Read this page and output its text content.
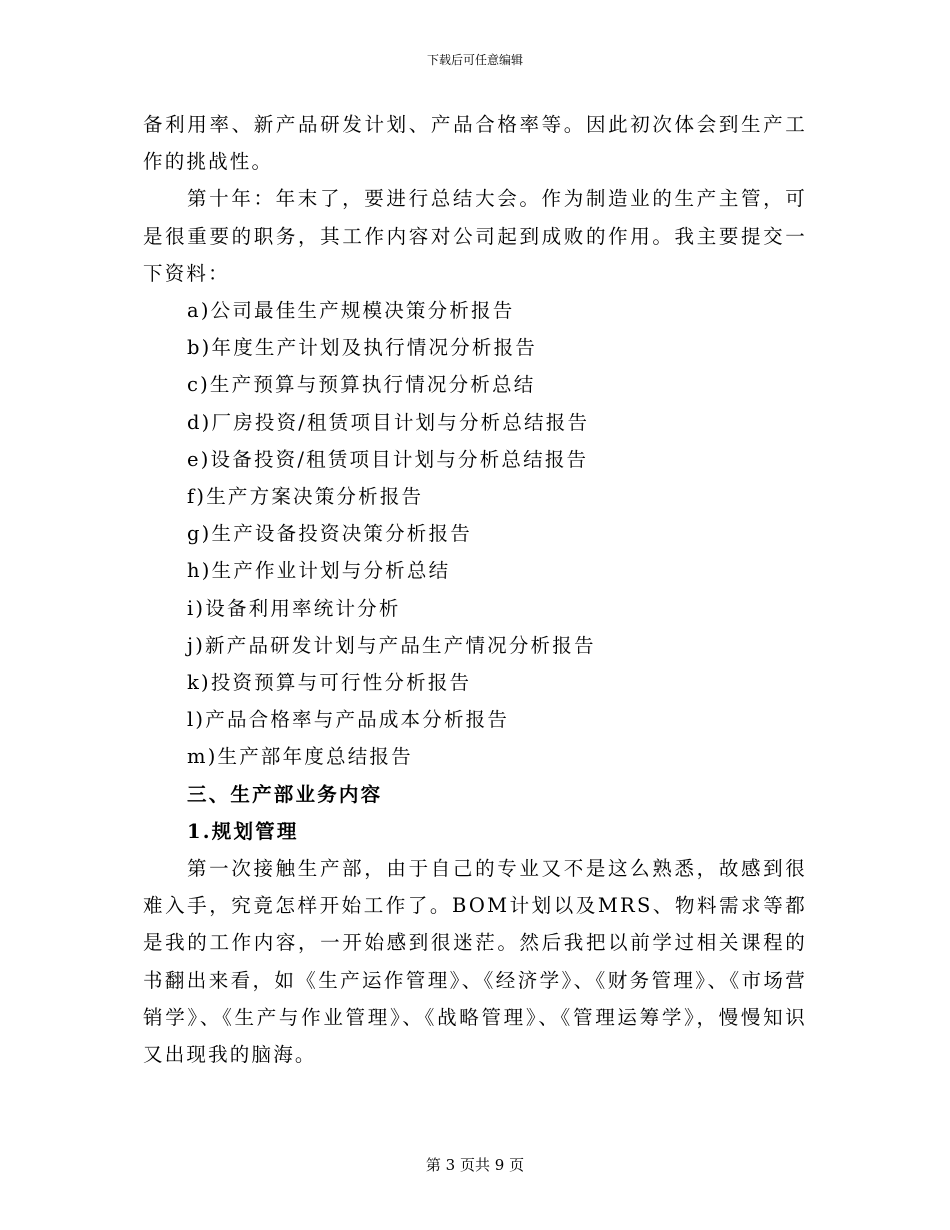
下载后可任意编辑

备利用率、新产品研发计划、产品合格率等。因此初次体会到生产工作的挑战性。

第十年：年末了，要进行总结大会。作为制造业的生产主管，可是很重要的职务，其工作内容对公司起到成败的作用。我主要提交一下资料：

a)公司最佳生产规模决策分析报告

b)年度生产计划及执行情况分析报告

c)生产预算与预算执行情况分析总结

d)厂房投资/租赁项目计划与分析总结报告

e)设备投资/租赁项目计划与分析总结报告

f)生产方案决策分析报告

g)生产设备投资决策分析报告

h)生产作业计划与分析总结

i)设备利用率统计分析

j)新产品研发计划与产品生产情况分析报告

k)投资预算与可行性分析报告

l)产品合格率与产品成本分析报告

m)生产部年度总结报告

三、生产部业务内容

1.规划管理

第一次接触生产部，由于自己的专业又不是这么熟悉，故感到很难入手，究竟怎样开始工作了。BOM计划以及MRS、物料需求等都是我的工作内容，一开始感到很迷茫。然后我把以前学过相关课程的书翻出来看，如《生产运作管理》、《经济学》、《财务管理》、《市场营销学》、《生产与作业管理》、《战略管理》、《管理运筹学》，慢慢知识又出现我的脑海。

第 3 页共 9 页
